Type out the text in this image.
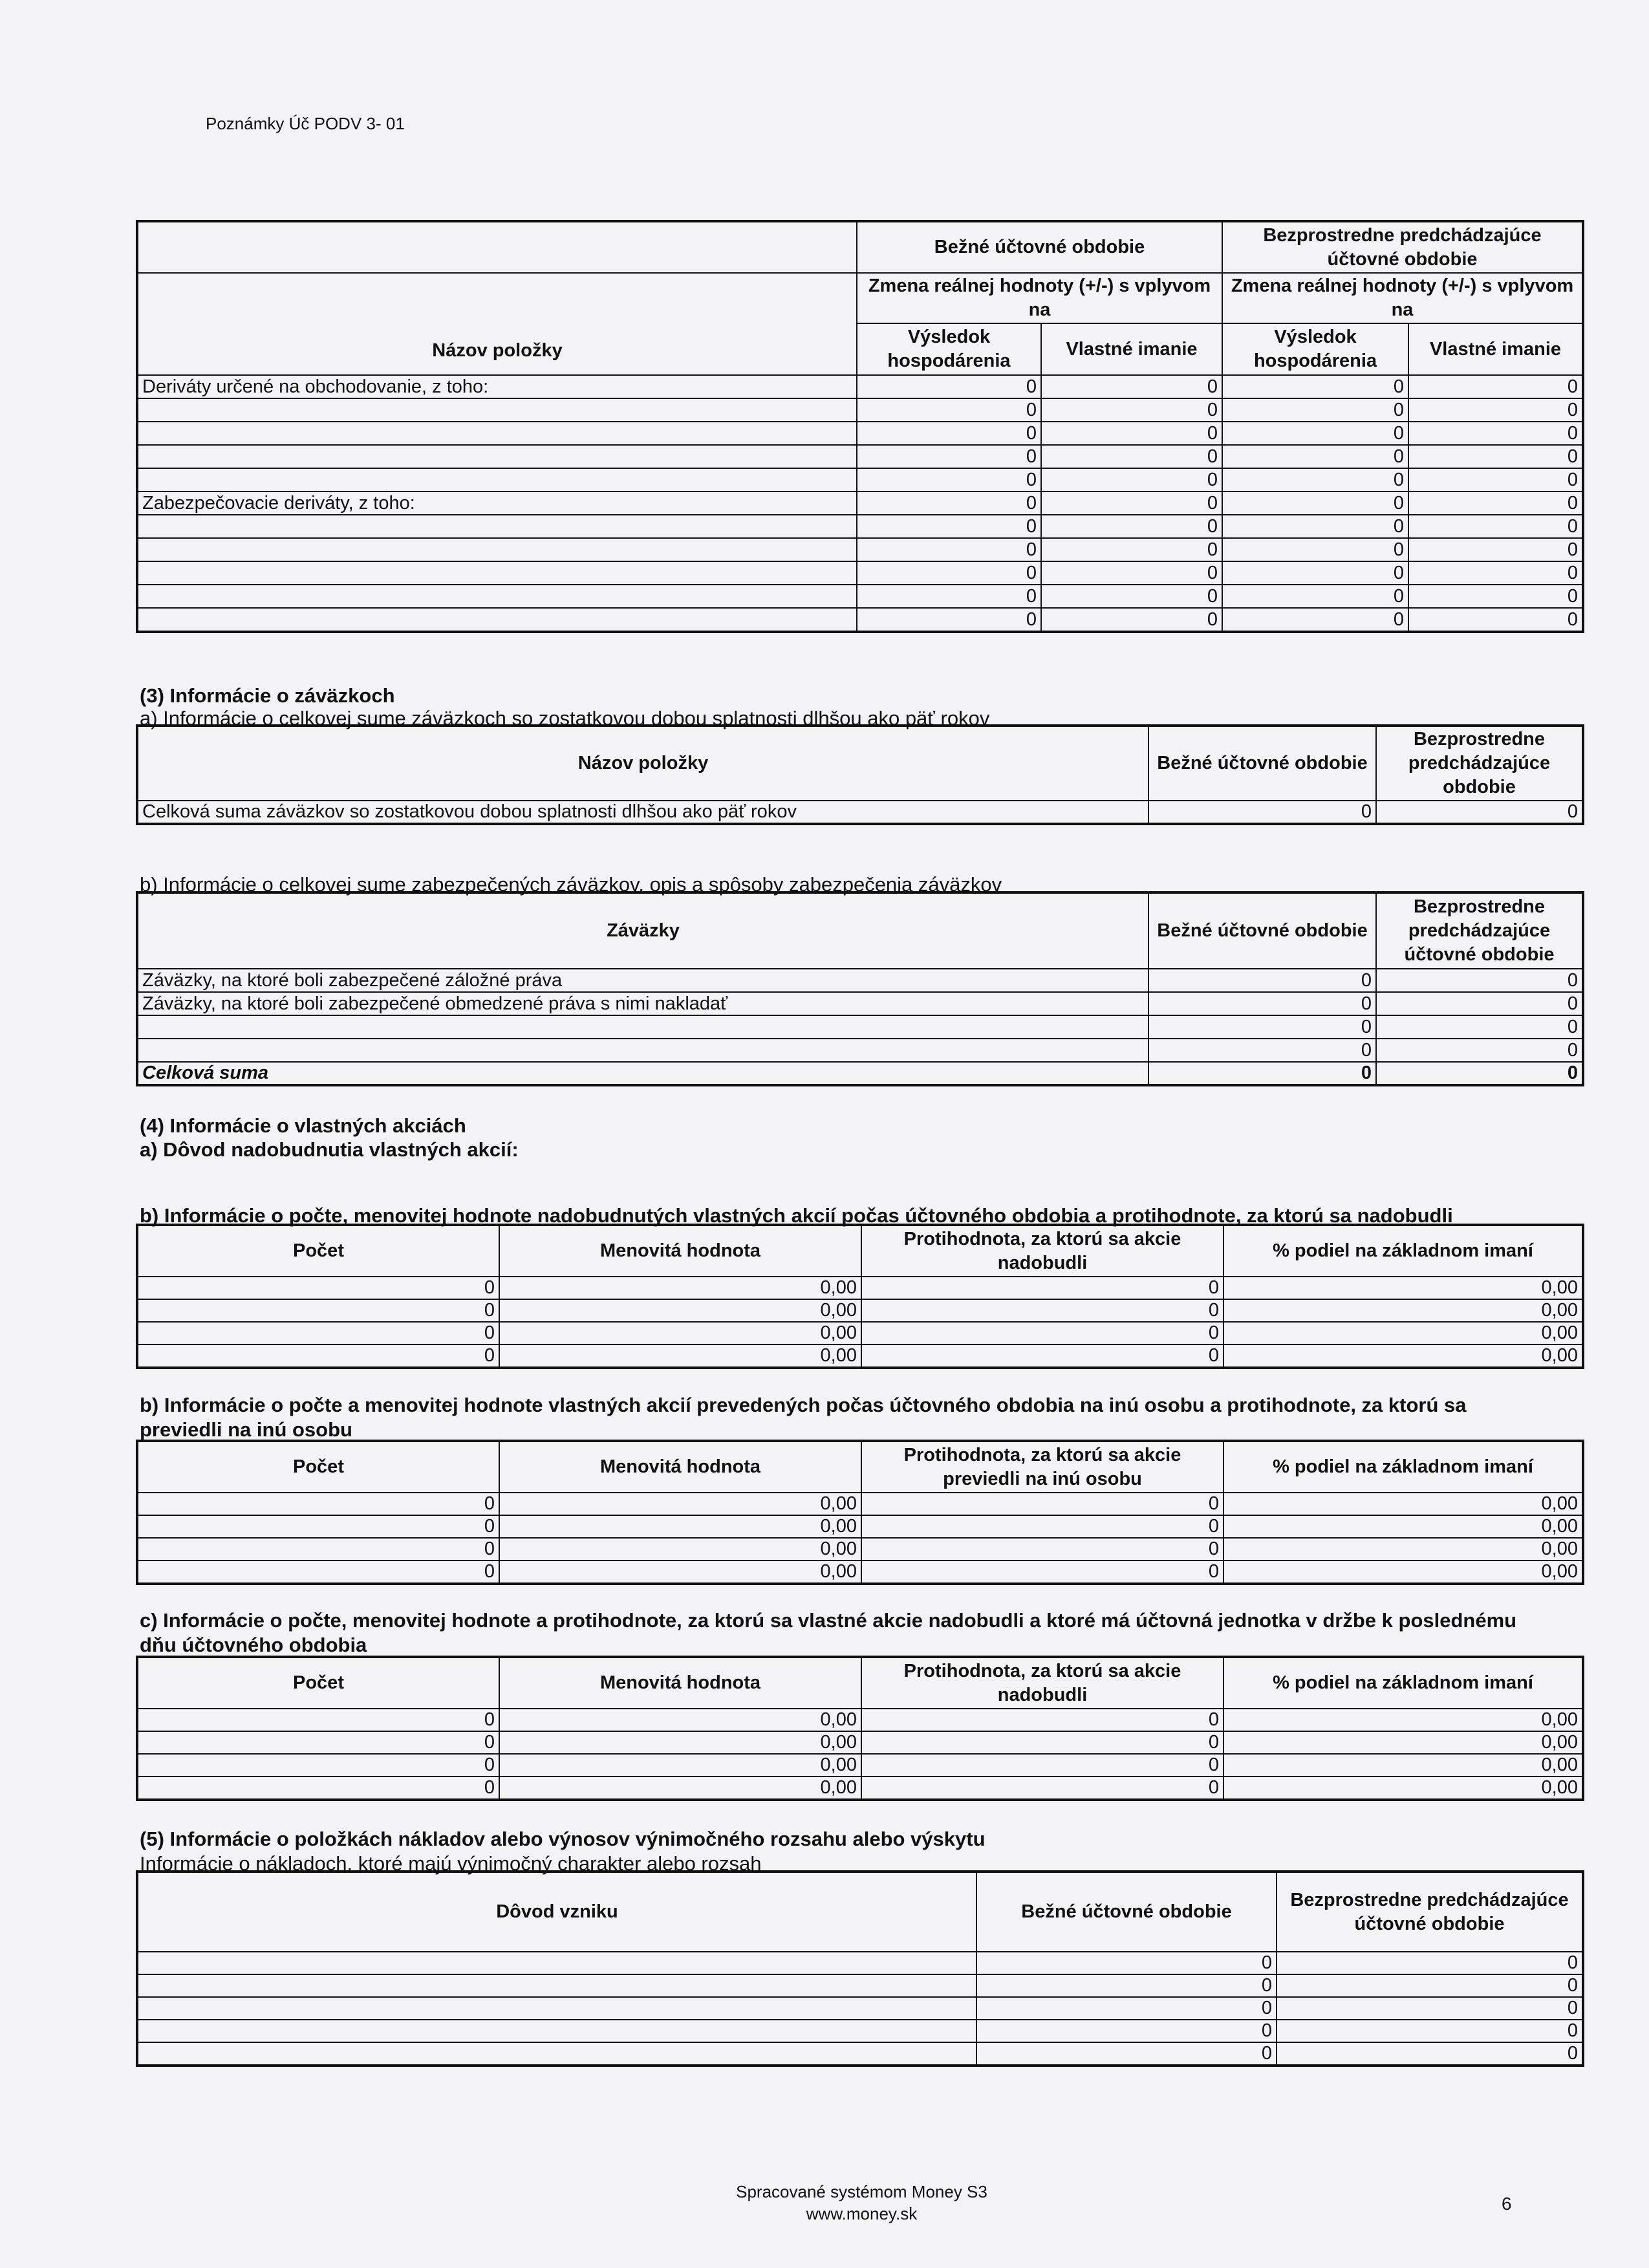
Poznámky Úč PODV 3- 01
	Bežné účtovné obdobie		Bezprostredne predchádzajúce účtovné obdobie	
Názov položky	Zmena reálnej hodnoty (+/-) s vplyvom na		Zmena reálnej hodnoty (+/-) s vplyvom na	
	Výsledok hospodárenia	Vlastné imanie	Výsledok hospodárenia	Vlastné imanie
Deriváty určené na obchodovanie, z toho:	0	0	0	0
	0	0	0	0
	0	0	0	0
	0	0	0	0
	0	0	0	0
Zabezpečovacie deriváty, z toho:	0	0	0	0
	0	0	0	0
	0	0	0	0
	0	0	0	0
	0	0	0	0
	0	0	0	0
(3) Informácie o záväzkoch
a) Informácie o celkovej sume záväzkoch so zostatkovou dobou splatnosti dlhšou ako päť rokov
Názov položky	Bežné účtovné obdobie	Bezprostredne predchádzajúce obdobie
Celková suma záväzkov so zostatkovou dobou splatnosti dlhšou ako päť rokov	0	0
b) Informácie o celkovej sume zabezpečených záväzkov, opis a spôsoby zabezpečenia záväzkov
Záväzky	Bežné účtovné obdobie	Bezprostredne predchádzajúce účtovné obdobie
Záväzky, na ktoré boli zabezpečené záložné práva	0	0
Záväzky, na ktoré boli zabezpečené obmedzené práva s nimi nakladať	0	0
	0	0
	0	0
Celková suma	0	0
(4) Informácie o vlastných akciách
a) Dôvod nadobudnutia vlastných akcií:
b) Informácie o počte, menovitej hodnote nadobudnutých vlastných akcií počas účtovného obdobia a protihodnote, za ktorú sa nadobudli
Počet	Menovitá hodnota	Protihodnota, za ktorú sa akcie nadobudli	% podiel na základnom imaní
0	0,00	0	0,00
0	0,00	0	0,00
0	0,00	0	0,00
0	0,00	0	0,00
b) Informácie o počte a menovitej hodnote vlastných akcií prevedených počas účtovného obdobia na inú osobu a protihodnote, za ktorú sa
previedli na inú osobu
Počet	Menovitá hodnota	Protihodnota, za ktorú sa akcie previedli na inú osobu	% podiel na základnom imaní
0	0,00	0	0,00
0	0,00	0	0,00
0	0,00	0	0,00
0	0,00	0	0,00
c) Informácie o počte, menovitej hodnote a protihodnote, za ktorú sa vlastné akcie nadobudli a ktoré má účtovná jednotka v držbe k poslednému
dňu účtovného obdobia
Počet	Menovitá hodnota	Protihodnota, za ktorú sa akcie nadobudli	% podiel na základnom imaní
0	0,00	0	0,00
0	0,00	0	0,00
0	0,00	0	0,00
0	0,00	0	0,00
(5) Informácie o položkách nákladov alebo výnosov výnimočného rozsahu alebo výskytu
Informácie o nákladoch, ktoré majú výnimočný charakter alebo rozsah
Dôvod vzniku	Bežné účtovné obdobie	Bezprostredne predchádzajúce účtovné obdobie
	0	0
	0	0
	0	0
	0	0
	0	0
Spracované systémom Money S3
www.money.sk	6
